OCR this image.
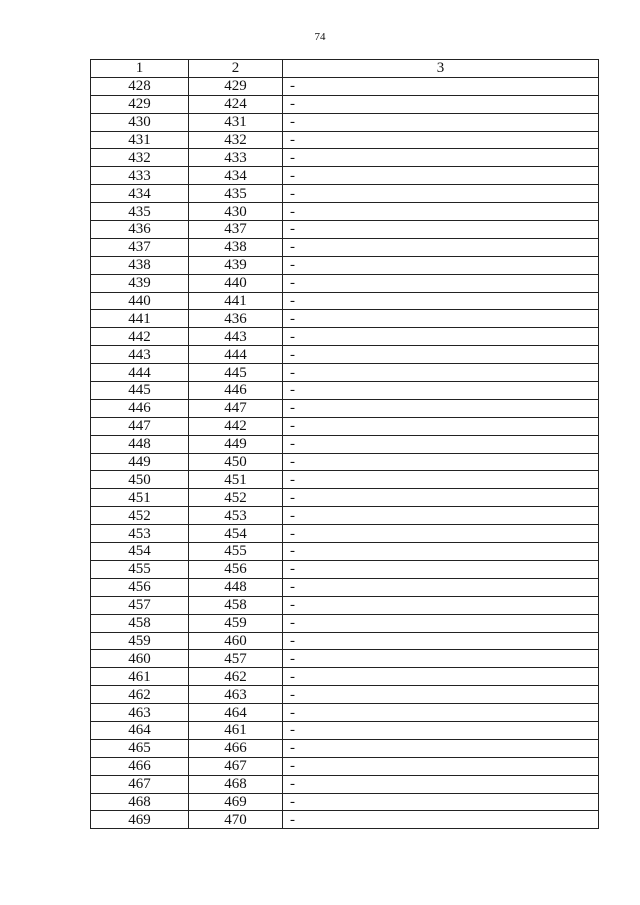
74
1	2	3
428	429	-
429	424	-
430	431	-
431	432	-
432	433	-
433	434	-
434	435	-
435	430	-
436	437	-
437	438	-
438	439	-
439	440	-
440	441	-
441	436	-
442	443	-
443	444	-
444	445	-
445	446	-
446	447	-
447	442	-
448	449	-
449	450	-
450	451	-
451	452	-
452	453	-
453	454	-
454	455	-
455	456	-
456	448	-
457	458	-
458	459	-
459	460	-
460	457	-
461	462	-
462	463	-
463	464	-
464	461	-
465	466	-
466	467	-
467	468	-
468	469	-
469	470	-
